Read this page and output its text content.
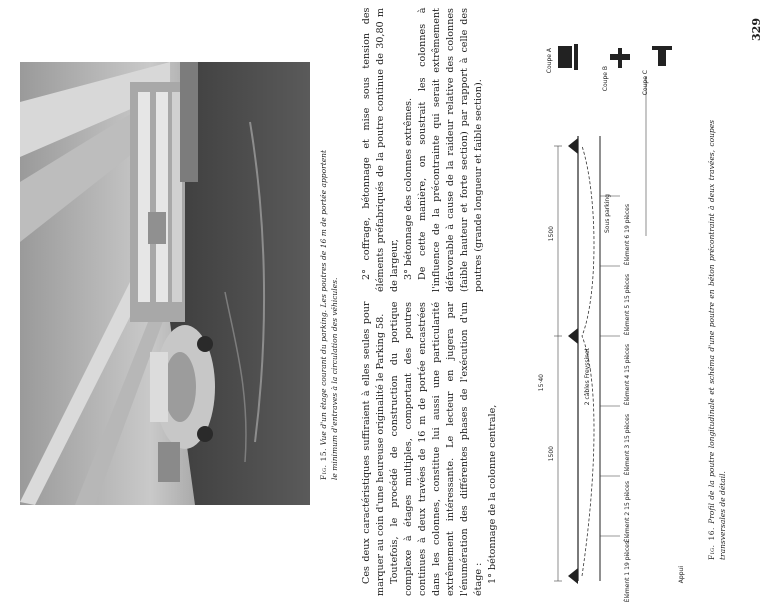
329
Fig. 15. Vue d'un étage courant du parking. Les poutres de 16 m de portée apportent le minimum d'entraves à la circulation des véhicules.	Ces deux caractéristiques suffiraient à elles seules pour marquer au coin d'une heureuse originalité le Parking 58. Toutefois, le procédé de construction du portique complexe à étages multiples, comportant des poutres continues à deux travées de 16 m de portée encastrées dans les colonnes, constitue lui aussi une particularité extrêmement intéressante. Le lecteur en jugera par l'énumération des différentes phases de l'exécution d'un étage : 1° bétonnage de la colonne centrale,

2° coffrage, bétonnage et mise sous tension des éléments préfabriqués de la poutre continue de 30,80 m de largeur, 3° bétonnage des colonnes extrêmes. De cette manière, on soustrait les colonnes à l'influence de la précontrainte qui serait extrêmement défavorable à cause de la raideur relative des colonnes (faible hauteur et forte section) par rapport à celle des poutres (grande longueur et faible section).

Coupe A
Coupe B	Coupe C
Sous parking
1500
1500
15·40	2 câbles Freyssinet
Élément 1 19 pièces
Élément 2 15 pièces
Élément 3 15 pièces
Élément 4 15 pièces
Élément 5 15 pièces
Élément 6 19 pièces
Appui
Fig. 16. Profil de la poutre longitudinale et schéma d'une poutre en béton précontraint à deux travées, coupes transversales de détail.
